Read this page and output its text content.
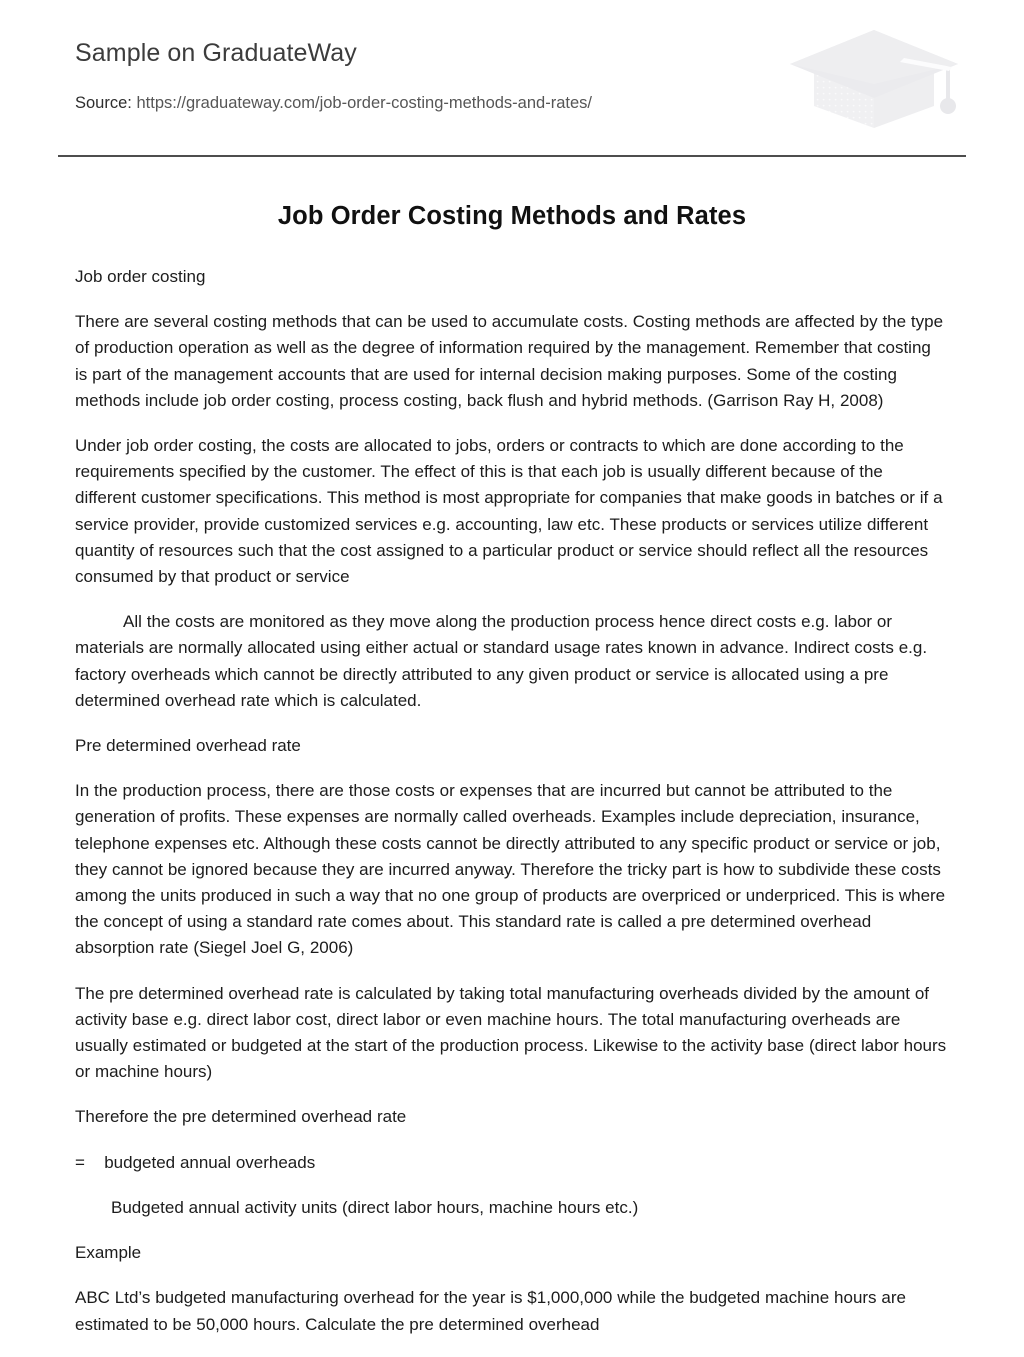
Sample on GraduateWay
Source: https://graduateway.com/job-order-costing-methods-and-rates/
Job Order Costing Methods and Rates

Job order costing

There are several costing methods that can be used to accumulate costs. Costing methods are affected by the type of production operation as well as the degree of information required by the management. Remember that costing is part of the management accounts that are used for internal decision making purposes. Some of the costing methods include job order costing, process costing, back flush and hybrid methods. (Garrison Ray H, 2008)

Under job order costing, the costs are allocated to jobs, orders or contracts to which are done according to the requirements specified by the customer. The effect of this is that each job is usually different because of the different customer specifications. This method is most appropriate for companies that make goods in batches or if a service provider, provide customized services e.g. accounting, law etc. These products or services utilize different quantity of resources such that the cost assigned to a particular product or service should reflect all the resources consumed by that product or service

All the costs are monitored as they move along the production process hence direct costs e.g. labor or materials are normally allocated using either actual or standard usage rates known in advance. Indirect costs e.g. factory overheads which cannot be directly attributed to any given product or service is allocated using a pre determined overhead rate which is calculated.

Pre determined overhead rate

In the production process, there are those costs or expenses that are incurred but cannot be attributed to the generation of profits. These expenses are normally called overheads. Examples include depreciation, insurance, telephone expenses etc. Although these costs cannot be directly attributed to any specific product or service or job, they cannot be ignored because they are incurred anyway. Therefore the tricky part is how to subdivide these costs among the units produced in such a way that no one group of products are overpriced or underpriced. This is where the concept of using a standard rate comes about. This standard rate is called a pre determined overhead absorption rate (Siegel Joel G, 2006)

The pre determined overhead rate is calculated by taking total manufacturing overheads divided by the amount of activity base e.g. direct labor cost, direct labor or even machine hours. The total manufacturing overheads are usually estimated or budgeted at the start of the production process. Likewise to the activity base (direct labor hours or machine hours)

Therefore the pre determined overhead rate

=    budgeted annual overheads

Budgeted annual activity units (direct labor hours, machine hours etc.)

Example

ABC Ltd’s budgeted manufacturing overhead for the year is $1,000,000 while the budgeted machine hours are estimated to be 50,000 hours. Calculate the pre determined overhead
